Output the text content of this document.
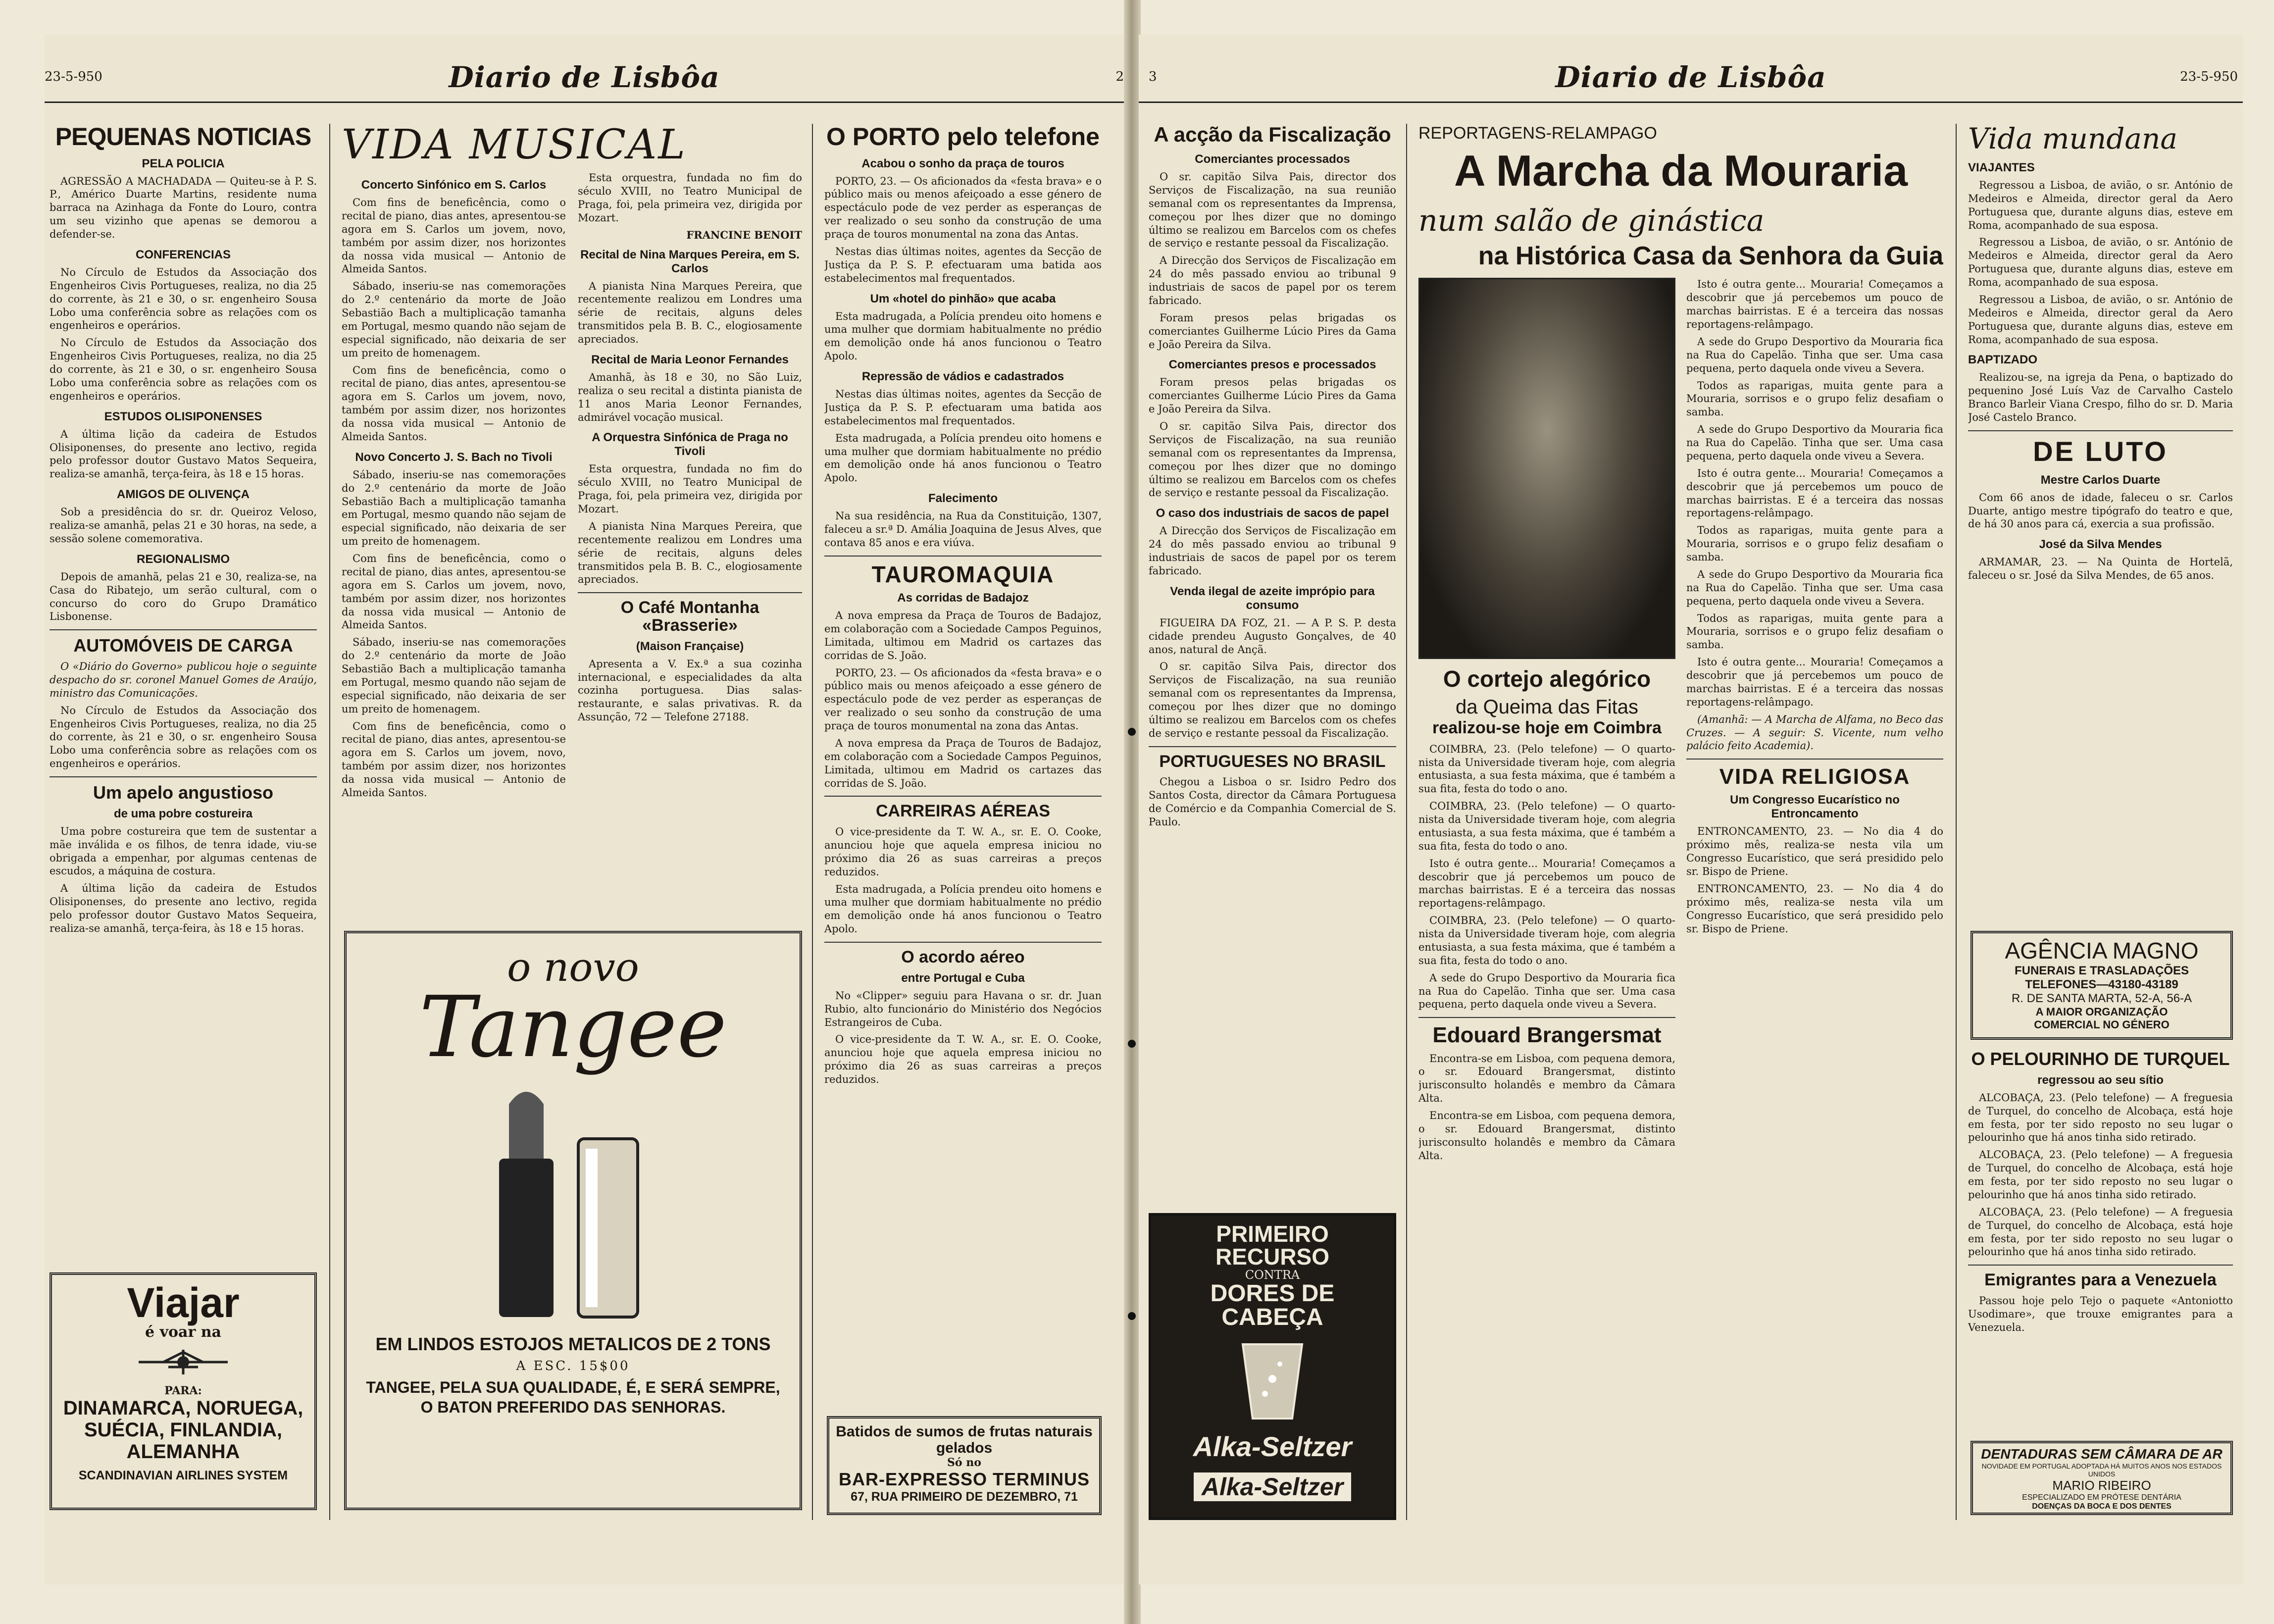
23-5-950	Diario de Lisbôa	2
PEQUENAS NOTICIAS
PELA POLICIA

AGRESSÃO A MACHADADA — Quiteu-se à P. S. P., Américo Duarte Martins, residente numa barraca na Azinhaga da Fonte do Louro, contra um seu vizinho que apenas se demorou a defender-se.

CONFERENCIAS

No Círculo de Estudos da Associação dos Engenheiros Civis Portugueses, realiza, no dia 25 do corrente, às 21 e 30, o sr. engenheiro Sousa Lobo uma conferência sobre as relações com os engenheiros e operários.

No Círculo de Estudos da Associação dos Engenheiros Civis Portugueses, realiza, no dia 25 do corrente, às 21 e 30, o sr. engenheiro Sousa Lobo uma conferência sobre as relações com os engenheiros e operários.

ESTUDOS OLISIPONENSES

A última lição da cadeira de Estudos Olisiponenses, do presente ano lectivo, regida pelo professor doutor Gustavo Matos Sequeira, realiza-se amanhã, terça-feira, às 18 e 15 horas.

AMIGOS DE OLIVENÇA

Sob a presidência do sr. dr. Queiroz Veloso, realiza-se amanhã, pelas 21 e 30 horas, na sede, a sessão solene comemorativa.

REGIONALISMO

Depois de amanhã, pelas 21 e 30, realiza-se, na Casa do Ribatejo, um serão cultural, com o concurso do coro do Grupo Dramático Lisbonense.

AUTOMÓVEIS DE CARGA

O «Diário do Governo» publicou hoje o seguinte despacho do sr. coronel Manuel Gomes de Araújo, ministro das Comunicações.

No Círculo de Estudos da Associação dos Engenheiros Civis Portugueses, realiza, no dia 25 do corrente, às 21 e 30, o sr. engenheiro Sousa Lobo uma conferência sobre as relações com os engenheiros e operários.

Um apelo angustioso
de uma pobre costureira

Uma pobre costureira que tem de sustentar a mãe inválida e os filhos, de tenra idade, viu-se obrigada a empenhar, por algumas centenas de escudos, a máquina de costura.

A última lição da cadeira de Estudos Olisiponenses, do presente ano lectivo, regida pelo professor doutor Gustavo Matos Sequeira, realiza-se amanhã, terça-feira, às 18 e 15 horas.

Viajar
é voar na
PARA:
DINAMARCA, NORUEGA, SUÉCIA, FINLANDIA, ALEMANHA
SCANDINAVIAN AIRLINES SYSTEM
VIDA MUSICAL
Concerto Sinfónico em S. Carlos

Com fins de beneficência, como o recital de piano, dias antes, apresentou-se agora em S. Carlos um jovem, novo, também por assim dizer, nos horizontes da nossa vida musical — Antonio de Almeida Santos.

Sábado, inseriu-se nas comemorações do 2.º centenário da morte de João Sebastião Bach a multiplicação tamanha em Portugal, mesmo quando não sejam de especial significado, não deixaria de ser um preito de homenagem.

Com fins de beneficência, como o recital de piano, dias antes, apresentou-se agora em S. Carlos um jovem, novo, também por assim dizer, nos horizontes da nossa vida musical — Antonio de Almeida Santos.

Novo Concerto J. S. Bach no Tivoli

Sábado, inseriu-se nas comemorações do 2.º centenário da morte de João Sebastião Bach a multiplicação tamanha em Portugal, mesmo quando não sejam de especial significado, não deixaria de ser um preito de homenagem.

Com fins de beneficência, como o recital de piano, dias antes, apresentou-se agora em S. Carlos um jovem, novo, também por assim dizer, nos horizontes da nossa vida musical — Antonio de Almeida Santos.

Sábado, inseriu-se nas comemorações do 2.º centenário da morte de João Sebastião Bach a multiplicação tamanha em Portugal, mesmo quando não sejam de especial significado, não deixaria de ser um preito de homenagem.

Com fins de beneficência, como o recital de piano, dias antes, apresentou-se agora em S. Carlos um jovem, novo, também por assim dizer, nos horizontes da nossa vida musical — Antonio de Almeida Santos.

Esta orquestra, fundada no fim do século XVIII, no Teatro Municipal de Praga, foi, pela primeira vez, dirigida por Mozart.

FRANCINE BENOIT
Recital de Nina Marques Pereira, em S. Carlos

A pianista Nina Marques Pereira, que recentemente realizou em Londres uma série de recitais, alguns deles transmitidos pela B. B. C., elogiosamente apreciados.

Recital de Maria Leonor Fernandes

Amanhã, às 18 e 30, no São Luiz, realiza o seu recital a distinta pianista de 11 anos Maria Leonor Fernandes, admirável vocação musical.

A Orquestra Sinfónica de Praga no Tivoli

Esta orquestra, fundada no fim do século XVIII, no Teatro Municipal de Praga, foi, pela primeira vez, dirigida por Mozart.

A pianista Nina Marques Pereira, que recentemente realizou em Londres uma série de recitais, alguns deles transmitidos pela B. B. C., elogiosamente apreciados.

O Café Montanha «Brasserie»
(Maison Française)

Apresenta a V. Ex.ª a sua cozinha internacional, e especialidades da alta cozinha portuguesa. Dias salas-restaurante, e salas privativas. R. da Assunção, 72 — Telefone 27188.

o novo
Tangee
EM LINDOS ESTOJOS METALICOS DE 2 TONS
A ESC. 15$00
TANGEE, PELA SUA QUALIDADE, É, E SERÁ SEMPRE, O BATON PREFERIDO DAS SENHORAS.
O PORTO pelo telefone
Acabou o sonho da praça de touros

PORTO, 23. — Os aficionados da «festa brava» e o público mais ou menos afeiçoado a esse género de espectáculo pode de vez perder as esperanças de ver realizado o seu sonho da construção de uma praça de touros monumental na zona das Antas.

Nestas dias últimas noites, agentes da Secção de Justiça da P. S. P. efectuaram uma batida aos estabelecimentos mal frequentados.

Um «hotel do pinhão» que acaba

Esta madrugada, a Polícia prendeu oito homens e uma mulher que dormiam habitualmente no prédio em demolição onde há anos funcionou o Teatro Apolo.

Repressão de vádios e cadastrados

Nestas dias últimas noites, agentes da Secção de Justiça da P. S. P. efectuaram uma batida aos estabelecimentos mal frequentados.

Esta madrugada, a Polícia prendeu oito homens e uma mulher que dormiam habitualmente no prédio em demolição onde há anos funcionou o Teatro Apolo.

Falecimento

Na sua residência, na Rua da Constituição, 1307, faleceu a sr.ª D. Amália Joaquina de Jesus Alves, que contava 85 anos e era viúva.

TAUROMAQUIA
As corridas de Badajoz

A nova empresa da Praça de Touros de Badajoz, em colaboração com a Sociedade Campos Peguinos, Limitada, ultimou em Madrid os cartazes das corridas de S. João.

PORTO, 23. — Os aficionados da «festa brava» e o público mais ou menos afeiçoado a esse género de espectáculo pode de vez perder as esperanças de ver realizado o seu sonho da construção de uma praça de touros monumental na zona das Antas.

A nova empresa da Praça de Touros de Badajoz, em colaboração com a Sociedade Campos Peguinos, Limitada, ultimou em Madrid os cartazes das corridas de S. João.

CARREIRAS AÉREAS

O vice-presidente da T. W. A., sr. E. O. Cooke, anunciou hoje que aquela empresa iniciou no próximo dia 26 as suas carreiras a preços reduzidos.

Esta madrugada, a Polícia prendeu oito homens e uma mulher que dormiam habitualmente no prédio em demolição onde há anos funcionou o Teatro Apolo.

O acordo aéreo
entre Portugal e Cuba

No «Clipper» seguiu para Havana o sr. dr. Juan Rubio, alto funcionário do Ministério dos Negócios Estrangeiros de Cuba.

O vice-presidente da T. W. A., sr. E. O. Cooke, anunciou hoje que aquela empresa iniciou no próximo dia 26 as suas carreiras a preços reduzidos.

Batidos de sumos de frutas naturais gelados
Só no
BAR-EXPRESSO TERMINUS
67, RUA PRIMEIRO DE DEZEMBRO, 71
3	Diario de Lisbôa	23-5-950
A acção da Fiscalização
Comerciantes processados

O sr. capitão Silva Pais, director dos Serviços de Fiscalização, na sua reunião semanal com os representantes da Imprensa, começou por lhes dizer que no domingo último se realizou em Barcelos com os chefes de serviço e restante pessoal da Fiscalização.

A Direcção dos Serviços de Fiscalização em 24 do mês passado enviou ao tribunal 9 industriais de sacos de papel por os terem fabricado.

Foram presos pelas brigadas os comerciantes Guilherme Lúcio Pires da Gama e João Pereira da Silva.

Comerciantes presos e processados

Foram presos pelas brigadas os comerciantes Guilherme Lúcio Pires da Gama e João Pereira da Silva.

O sr. capitão Silva Pais, director dos Serviços de Fiscalização, na sua reunião semanal com os representantes da Imprensa, começou por lhes dizer que no domingo último se realizou em Barcelos com os chefes de serviço e restante pessoal da Fiscalização.

O caso dos industriais de sacos de papel

A Direcção dos Serviços de Fiscalização em 24 do mês passado enviou ao tribunal 9 industriais de sacos de papel por os terem fabricado.

Venda ilegal de azeite imprópio para consumo

FIGUEIRA DA FOZ, 21. — A P. S. P. desta cidade prendeu Augusto Gonçalves, de 40 anos, natural de Ançã.

O sr. capitão Silva Pais, director dos Serviços de Fiscalização, na sua reunião semanal com os representantes da Imprensa, começou por lhes dizer que no domingo último se realizou em Barcelos com os chefes de serviço e restante pessoal da Fiscalização.

PORTUGUESES NO BRASIL

Chegou a Lisboa o sr. Isidro Pedro dos Santos Costa, director da Câmara Portuguesa de Comércio e da Companhia Comercial de S. Paulo.

PRIMEIRO RECURSO
CONTRA
DORES DE CABEÇA
Alka-Seltzer
Alka-Seltzer
REPORTAGENS-RELAMPAGO
A Marcha da Mouraria
num salão de ginástica
na Histórica Casa da Senhora da Guia
O cortejo alegórico
da Queima das Fitas
realizou-se hoje em Coimbra

COIMBRA, 23. (Pelo telefone) — O quarto-nista da Universidade tiveram hoje, com alegria entusiasta, a sua festa máxima, que é também a sua fita, festa do todo o ano.

COIMBRA, 23. (Pelo telefone) — O quarto-nista da Universidade tiveram hoje, com alegria entusiasta, a sua festa máxima, que é também a sua fita, festa do todo o ano.

Isto é outra gente... Mouraria! Começamos a descobrir que já percebemos um pouco de marchas bairristas. E é a terceira das nossas reportagens-relâmpago.

COIMBRA, 23. (Pelo telefone) — O quarto-nista da Universidade tiveram hoje, com alegria entusiasta, a sua festa máxima, que é também a sua fita, festa do todo o ano.

A sede do Grupo Desportivo da Mouraria fica na Rua do Capelão. Tinha que ser. Uma casa pequena, perto daquela onde viveu a Severa.

Edouard Brangersmat

Encontra-se em Lisboa, com pequena demora, o sr. Edouard Brangersmat, distinto jurisconsulto holandês e membro da Câmara Alta.

Encontra-se em Lisboa, com pequena demora, o sr. Edouard Brangersmat, distinto jurisconsulto holandês e membro da Câmara Alta.

Isto é outra gente... Mouraria! Começamos a descobrir que já percebemos um pouco de marchas bairristas. E é a terceira das nossas reportagens-relâmpago.

A sede do Grupo Desportivo da Mouraria fica na Rua do Capelão. Tinha que ser. Uma casa pequena, perto daquela onde viveu a Severa.

Todos as raparigas, muita gente para a Mouraria, sorrisos e o grupo feliz desafiam o samba.

A sede do Grupo Desportivo da Mouraria fica na Rua do Capelão. Tinha que ser. Uma casa pequena, perto daquela onde viveu a Severa.

Isto é outra gente... Mouraria! Começamos a descobrir que já percebemos um pouco de marchas bairristas. E é a terceira das nossas reportagens-relâmpago.

Todos as raparigas, muita gente para a Mouraria, sorrisos e o grupo feliz desafiam o samba.

A sede do Grupo Desportivo da Mouraria fica na Rua do Capelão. Tinha que ser. Uma casa pequena, perto daquela onde viveu a Severa.

Todos as raparigas, muita gente para a Mouraria, sorrisos e o grupo feliz desafiam o samba.

Isto é outra gente... Mouraria! Começamos a descobrir que já percebemos um pouco de marchas bairristas. E é a terceira das nossas reportagens-relâmpago.

(Amanhã: — A Marcha de Alfama, no Beco das Cruzes. — A seguir: S. Vicente, num velho palácio feito Academia).

VIDA RELIGIOSA
Um Congresso Eucarístico no Entroncamento

ENTRONCAMENTO, 23. — No dia 4 do próximo mês, realiza-se nesta vila um Congresso Eucarístico, que será presidido pelo sr. Bispo de Priene.

ENTRONCAMENTO, 23. — No dia 4 do próximo mês, realiza-se nesta vila um Congresso Eucarístico, que será presidido pelo sr. Bispo de Priene.

Vida mundana
VIAJANTES

Regressou a Lisboa, de avião, o sr. António de Medeiros e Almeida, director geral da Aero Portuguesa que, durante alguns dias, esteve em Roma, acompanhado de sua esposa.

Regressou a Lisboa, de avião, o sr. António de Medeiros e Almeida, director geral da Aero Portuguesa que, durante alguns dias, esteve em Roma, acompanhado de sua esposa.

Regressou a Lisboa, de avião, o sr. António de Medeiros e Almeida, director geral da Aero Portuguesa que, durante alguns dias, esteve em Roma, acompanhado de sua esposa.

BAPTIZADO

Realizou-se, na igreja da Pena, o baptizado do pequenino José Luís Vaz de Carvalho Castelo Branco Barleir Viana Crespo, filho do sr. D. Maria José Castelo Branco.

DE LUTO
Mestre Carlos Duarte

Com 66 anos de idade, faleceu o sr. Carlos Duarte, antigo mestre tipógrafo do teatro e que, de há 30 anos para cá, exercia a sua profissão.

José da Silva Mendes

ARMAMAR, 23. — Na Quinta de Hortelã, faleceu o sr. José da Silva Mendes, de 65 anos.

AGÊNCIA MAGNO
FUNERAIS E TRASLADAÇÕES
TELEFONES—43180-43189
R. DE SANTA MARTA, 52-A, 56-A
A MAIOR ORGANIZAÇÃO
COMERCIAL NO GÉNERO
O PELOURINHO DE TURQUEL
regressou ao seu sítio

ALCOBAÇA, 23. (Pelo telefone) — A freguesia de Turquel, do concelho de Alcobaça, está hoje em festa, por ter sido reposto no seu lugar o pelourinho que há anos tinha sido retirado.

ALCOBAÇA, 23. (Pelo telefone) — A freguesia de Turquel, do concelho de Alcobaça, está hoje em festa, por ter sido reposto no seu lugar o pelourinho que há anos tinha sido retirado.

ALCOBAÇA, 23. (Pelo telefone) — A freguesia de Turquel, do concelho de Alcobaça, está hoje em festa, por ter sido reposto no seu lugar o pelourinho que há anos tinha sido retirado.

Emigrantes para a Venezuela

Passou hoje pelo Tejo o paquete «Antoniotto Usodimare», que trouxe emigrantes para a Venezuela.

DENTADURAS SEM CÂMARA DE AR
NOVIDADE EM PORTUGAL ADOPTADA HÁ MUITOS ANOS NOS ESTADOS UNIDOS
MARIO RIBEIRO
ESPECIALIZADO EM PRÓTESE DENTÁRIA
DOENÇAS DA BOCA E DOS DENTES
